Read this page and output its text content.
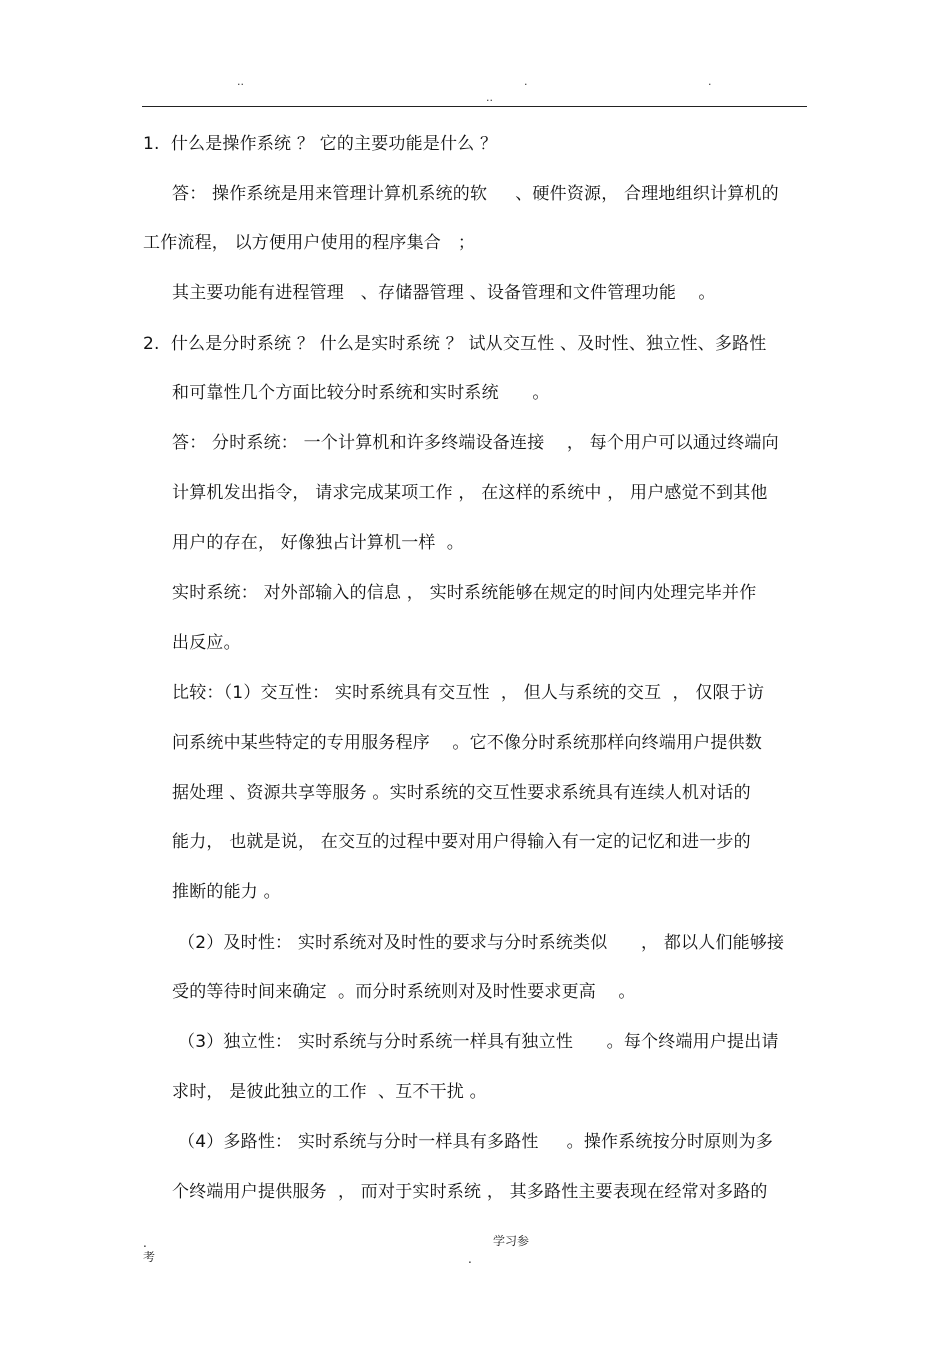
..	.	.
..
1.  什么是操作系统 ？ 它的主要功能是什么 ？
答： 操作系统是用来管理计算机系统的软     、硬件资源， 合理地组织计算机的
工作流程， 以方便用户使用的程序集合   ；
其主要功能有进程管理   、存储器管理 、设备管理和文件管理功能    。
2.  什么是分时系统 ？ 什么是实时系统 ？ 试从交互性 、及时性、独立性、多路性
和可靠性几个方面比较分时系统和实时系统      。
答： 分时系统： 一个计算机和许多终端设备连接    ， 每个用户可以通过终端向
计算机发出指令， 请求完成某项工作 ， 在这样的系统中 ， 用户感觉不到其他
用户的存在， 好像独占计算机一样  。
实时系统： 对外部输入的信息 ， 实时系统能够在规定的时间内处理完毕并作
出反应。
比较：（1）交互性： 实时系统具有交互性  ， 但人与系统的交互  ， 仅限于访
问系统中某些特定的专用服务程序    。它不像分时系统那样向终端用户提供数
据处理 、资源共享等服务 。实时系统的交互性要求系统具有连续人机对话的
能力， 也就是说， 在交互的过程中要对用户得输入有一定的记忆和进一步的
推断的能力 。
（2）及时性： 实时系统对及时性的要求与分时系统类似      ， 都以人们能够接
受的等待时间来确定  。而分时系统则对及时性要求更高    。
（3）独立性： 实时系统与分时系统一样具有独立性      。每个终端用户提出请
求时， 是彼此独立的工作  、互不干扰 。
（4）多路性： 实时系统与分时一样具有多路性     。操作系统按分时原则为多
个终端用户提供服务  ， 而对于实时系统 ， 其多路性主要表现在经常对多路的
.
考
学习参
.
